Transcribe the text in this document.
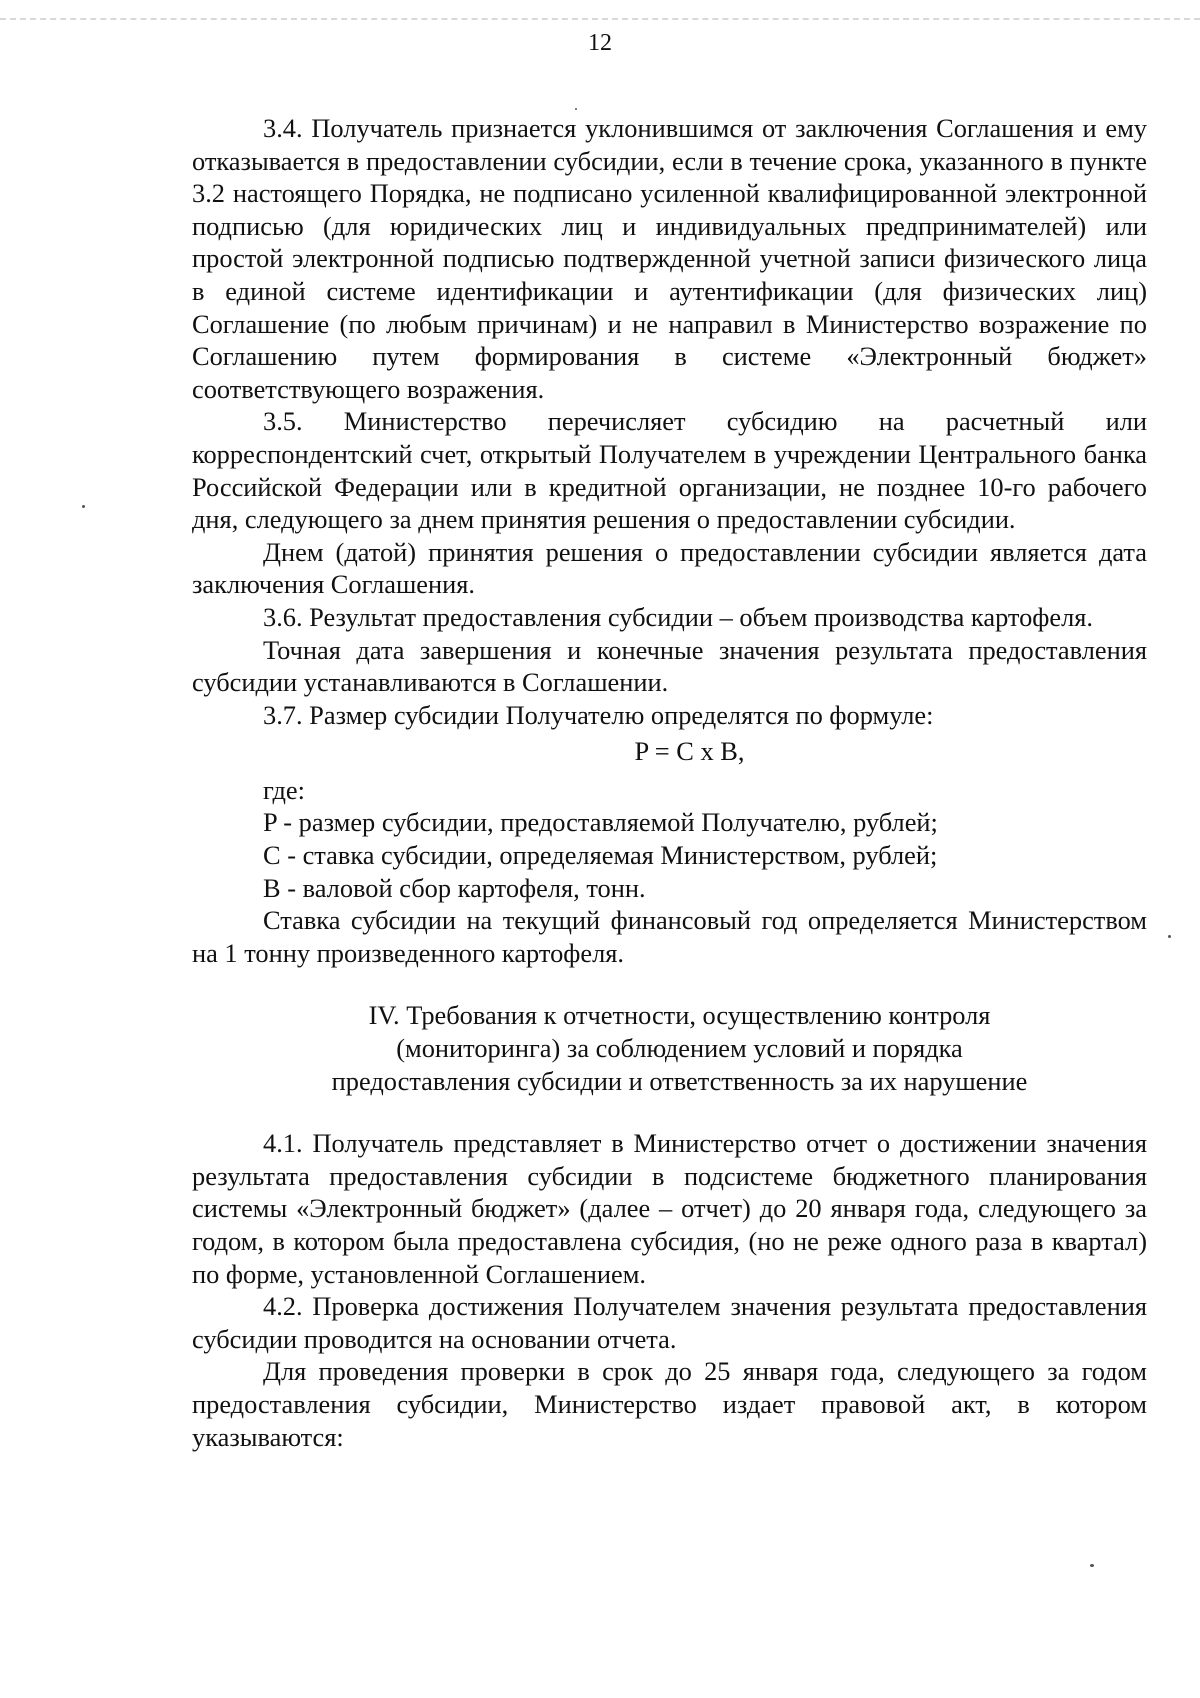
12

3.4. Получатель признается уклонившимся от заключения Соглашения и ему отказывается в предоставлении субсидии, если в течение срока, указанного в пункте 3.2 настоящего Порядка, не подписано усиленной квалифицированной электронной подписью (для юридических лиц и индивидуальных предпринимателей) или простой электронной подписью подтвержденной учетной записи физического лица в единой системе идентификации и аутентификации (для физических лиц) Соглашение (по любым причинам) и не направил в Министерство возражение по Соглашению путем формирования в системе «Электронный бюджет» соответствующего возражения.

3.5. Министерство перечисляет субсидию на расчетный или корреспондентский счет, открытый Получателем в учреждении Центрального банка Российской Федерации или в кредитной организации, не позднее 10-го рабочего дня, следующего за днем принятия решения о предоставлении субсидии.

Днем (датой) принятия решения о предоставлении субсидии является дата заключения Соглашения.

3.6. Результат предоставления субсидии – объем производства картофеля.

Точная дата завершения и конечные значения результата предоставления субсидии устанавливаются в Соглашении.

3.7. Размер субсидии Получателю определятся по формуле:

P = C x B,

где:

P - размер субсидии, предоставляемой Получателю, рублей;

C - ставка субсидии, определяемая Министерством, рублей;

B - валовой сбор картофеля, тонн.

Ставка субсидии на текущий финансовый год определяется Министерством на 1 тонну произведенного картофеля.

IV. Требования к отчетности, осуществлению контроля
(мониторинга) за соблюдением условий и порядка
предоставления субсидии и ответственность за их нарушение

4.1. Получатель представляет в Министерство отчет о достижении значения результата предоставления субсидии в подсистеме бюджетного планирования системы «Электронный бюджет» (далее – отчет) до 20 января года, следующего за годом, в котором была предоставлена субсидия, (но не реже одного раза в квартал) по форме, установленной Соглашением.

4.2. Проверка достижения Получателем значения результата предоставления субсидии проводится на основании отчета.

Для проведения проверки в срок до 25 января года, следующего за годом предоставления субсидии, Министерство издает правовой акт, в котором указываются:
